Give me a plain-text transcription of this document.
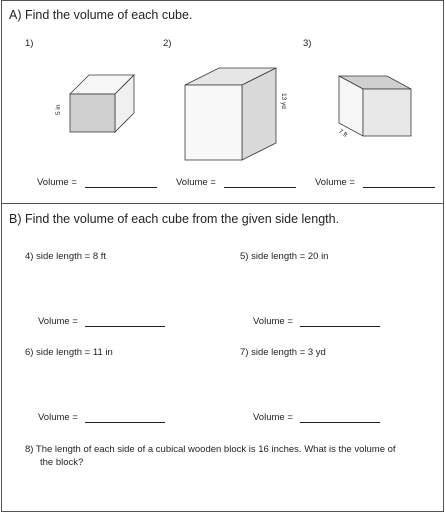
A) Find the volume of each cube.
1)	2)	3)
5 in
13 yd
7 ft
Volume =	Volume =	Volume =
B) Find the volume of each cube from the given side length.
4) side length = 8 ft	5) side length = 20 in
Volume =	Volume =
6) side length = 11 in	7) side length = 3 yd
Volume =	Volume =
8) The length of each side of a cubical wooden block is 16 inches. What is the volume of
the block?
